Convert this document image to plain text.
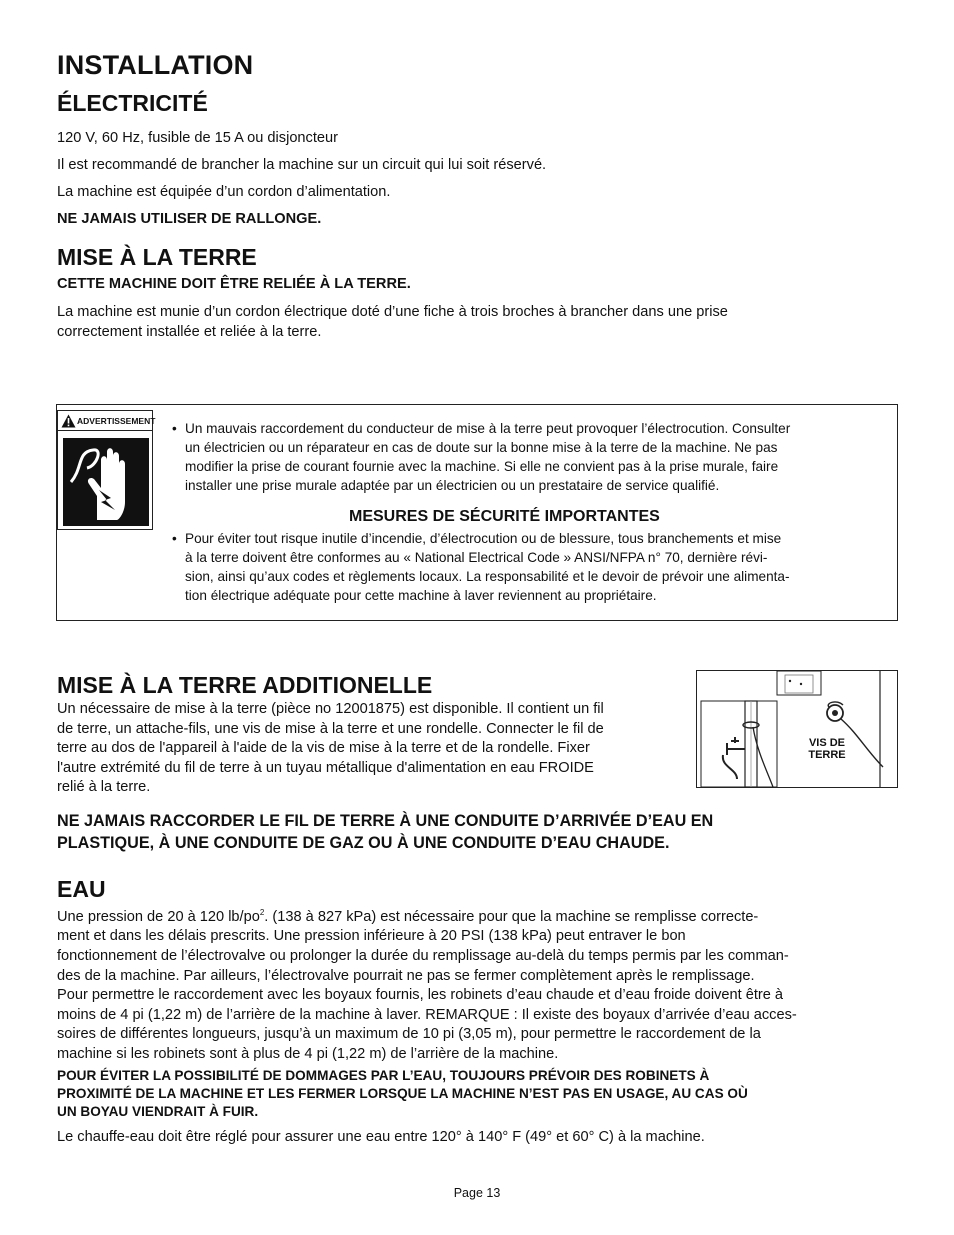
INSTALLATION
ÉLECTRICITÉ
120 V, 60 Hz, fusible de 15 A ou disjoncteur
Il est recommandé de brancher la machine sur un circuit qui lui soit réservé.
La machine est équipée d’un cordon d’alimentation.
NE JAMAIS UTILISER DE RALLONGE.
MISE À LA TERRE
CETTE MACHINE DOIT ÊTRE RELIÉE À LA TERRE.
La machine est munie d’un cordon électrique doté d’une fiche à trois broches à brancher dans une prise
correctement installée et reliée à la terre.
ADVERTISSEMENT • Un mauvais raccordement du conducteur de mise à la terre peut provoquer l’électrocution. Consulter
un électricien ou un réparateur en cas de doute sur la bonne mise à la terre de la machine. Ne pas
modifier la prise de courant fournie avec la machine. Si elle ne convient pas à la prise murale, faire
installer une prise murale adaptée par un électricien ou un prestataire de service qualifié.
MESURES DE SÉCURITÉ IMPORTANTES
• Pour éviter tout risque inutile d’incendie, d’électrocution ou de blessure, tous branchements et mise
à la terre doivent être conformes au « National Electrical Code » ANSI/NFPA n° 70, dernière révi-
sion, ainsi qu’aux codes et règlements locaux. La responsabilité et le devoir de prévoir une alimenta-
tion électrique adéquate pour cette machine à laver reviennent au propriétaire.
MISE À LA TERRE ADDITIONELLE
Un nécessaire de mise à la terre (pièce no 12001875) est disponible. Il contient un fil
de terre, un attache-fils, une vis de mise à la terre et une rondelle. Connecter le fil de
terre au dos de l'appareil à l'aide de la vis de mise à la terre et de la rondelle. Fixer
l'autre extrémité du fil de terre à un tuyau métallique d'alimentation en eau FROIDE
relié à la terre.
VIS DE
TERRE
NE JAMAIS RACCORDER LE FIL DE TERRE À UNE CONDUITE D’ARRIVÉE D’EAU EN
PLASTIQUE, À UNE CONDUITE DE GAZ OU À UNE CONDUITE D’EAU CHAUDE.
EAU
Une pression de 20 à 120 $lb/po^2$. (138 à 827 kPa) est nécessaire pour que la machine se remplisse correcte-
ment et dans les délais prescrits. Une pression inférieure à 20 PSI (138 kPa) peut entraver le bon
fonctionnement de l’électrovalve ou prolonger la durée du remplissage au-delà du temps permis par les comman-
des de la machine. Par ailleurs, l’électrovalve pourrait ne pas se fermer complètement après le remplissage.
Pour permettre le raccordement avec les boyaux fournis, les robinets d’eau chaude et d’eau froide doivent être à
moins de 4 pi (1,22 m) de l’arrière de la machine à laver. REMARQUE : Il existe des boyaux d’arrivée d’eau acces-
soires de différentes longueurs, jusqu’à un maximum de 10 pi (3,05 m), pour permettre le raccordement de la
machine si les robinets sont à plus de 4 pi (1,22 m) de l’arrière de la machine.
POUR ÉVITER LA POSSIBILITÉ DE DOMMAGES PAR L’EAU, TOUJOURS PRÉVOIR DES ROBINETS À
PROXIMITÉ DE LA MACHINE ET LES FERMER LORSQUE LA MACHINE N’EST PAS EN USAGE, AU CAS OÙ
UN BOYAU VIENDRAIT À FUIR.
Le chauffe-eau doit être réglé pour assurer une eau entre 120° à 140° F (49° et 60° C) à la machine.
Page 13
